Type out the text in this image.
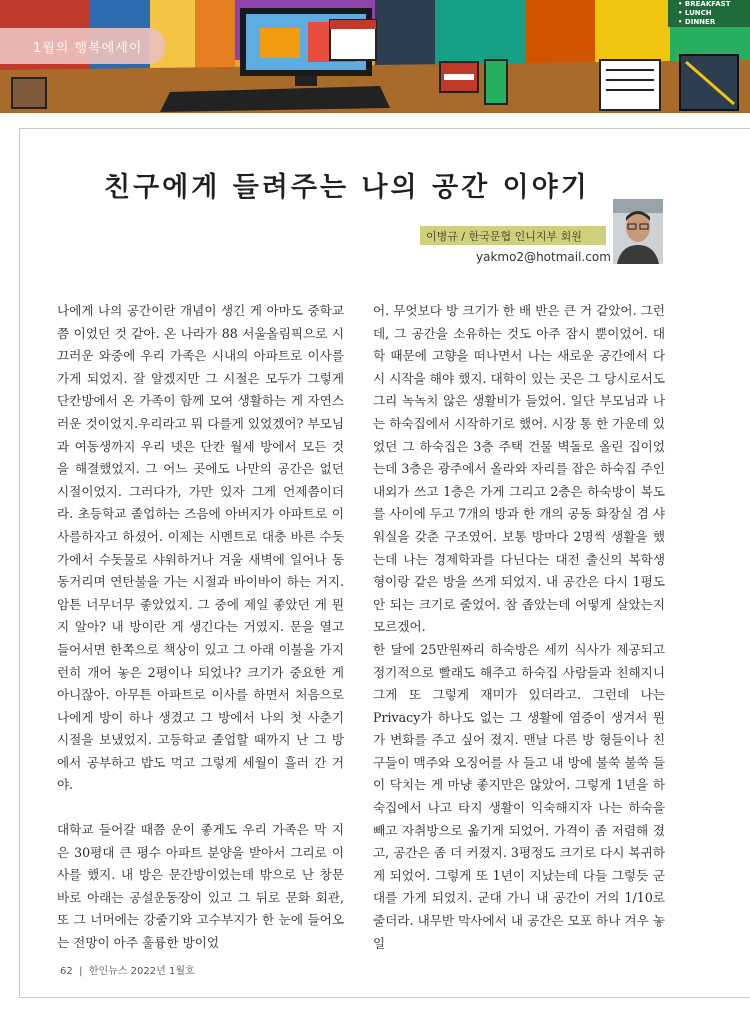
• BREAKFAST
• LUNCH
• DINNER
1월의 행복에세이
친구에게 들려주는 나의 공간 이야기
이병규 / 한국문협 인니지부 회원
yakmo2@hotmail.com

나에게 나의 공간이란 개념이 생긴 게 아마도 중학교쯤 이었던 것 같아. 온 나라가 88 서울올림픽으로 시끄러운 와중에 우리 가족은 시내의 아파트로 이사를 가게 되었지. 잘 알겠지만 그 시절은 모두가 그렇게 단칸방에서 온 가족이 함께 모여 생활하는 게 자연스러운 것이었지.우리라고 뭐 다를게 있었겠어? 부모님과 여동생까지 우리 넷은 단칸 월세 방에서 모든 것을 해결했었지. 그 어느 곳에도 나만의 공간은 없던 시절이었지. 그러다가, 가만 있자 그게 언제쯤이더라. 초등학교 졸업하는 즈음에 아버지가 아파트로 이사를하자고 하셨어. 이제는 시멘트로 대충 바른 수돗가에서 수돗물로 샤워하거나 겨울 새벽에 일어나 동동거리며 연탄불을 가는 시절과 바이바이 하는 거지. 암튼 너무너무 좋았었지. 그 중에 제일 좋았던 게 뭔지 알아? 내 방이란 게 생긴다는 거였지. 문을 열고 들어서면 한쪽으로 책상이 있고 그 아래 이불을 가지런히 개어 놓은 2평이나 되었나? 크기가 중요한 게 아니잖아. 아무튼 아파트로 이사를 하면서 처음으로 나에게 방이 하나 생겼고 그 방에서 나의 첫 사춘기 시절을 보냈었지. 고등학교 졸업할 때까지 난 그 방에서 공부하고 밥도 먹고 그렇게 세월이 흘러 간 거야.

대학교 들어갈 때쯤 운이 좋게도 우리 가족은 막 지은 30평대 큰 평수 아파트 분양을 받아서 그리로 이사를 했지. 내 방은 문간방이었는데 밖으로 난 창문 바로 아래는 공설운동장이 있고 그 뒤로 문화 회관, 또 그 너머에는 강줄기와 고수부지가 한 눈에 들어오는 전망이 아주 훌륭한 방이었

어. 무엇보다 방 크기가 한 배 반은 큰 거 같았어. 그런데, 그 공간을 소유하는 것도 아주 잠시 뿐이었어. 대학 때문에 고향을 떠나면서 나는 새로운 공간에서 다시 시작을 해야 했지. 대학이 있는 곳은 그 당시로서도 그리 녹녹치 않은 생활비가 들었어. 일단 부모님과 나는 하숙집에서 시작하기로 했어. 시장 통 한 가운데 있었던 그 하숙집은 3층 주택 건물 벽돌로 올린 집이었는데 3층은 광주에서 올라와 자리를 잡은 하숙집 주인 내외가 쓰고 1층은 가게 그리고 2층은 하숙방이 복도를 사이에 두고 7개의 방과 한 개의 공동 화장실 겸 샤워실을 갖춘 구조였어. 보통 방마다 2명씩 생활을 했는데 나는 경제학과를 다닌다는 대전 출신의 복학생 형이랑 같은 방을 쓰게 되었지. 내 공간은 다시 1평도 안 되는 크기로 줄었어. 참 좁았는데 어떻게 살았는지 모르겠어.

한 달에 25만원짜리 하숙방은 세끼 식사가 제공되고 정기적으로 빨래도 해주고 하숙집 사람들과 친해지니 그게 또 그렇게 재미가 있더라고. 그런데 나는 Privacy가 하나도 없는 그 생활에 염증이 생겨서 뭔가 변화를 주고 싶어 졌지. 맨날 다른 방 형들이나 친구들이 맥주와 오징어를 사 들고 내 방에 불쑥 불쑥 들이 닥치는 게 마냥 좋지만은 않았어. 그렇게 1년을 하숙집에서 나고 타지 생활이 익숙해지자 나는 하숙을 빼고 자취방으로 옮기게 되었어. 가격이 좀 저렴해 졌고, 공간은 좀 더 커졌지. 3평정도 크기로 다시 복귀하게 되었어. 그렇게 또 1년이 지났는데 다들 그렇듯 군대를 가게 되었지. 군대 가니 내 공간이 거의 1/10로 줄더라. 내무반 막사에서 내 공간은 모포 하나 겨우 놓일

62  |  한인뉴스 2022년 1월호
